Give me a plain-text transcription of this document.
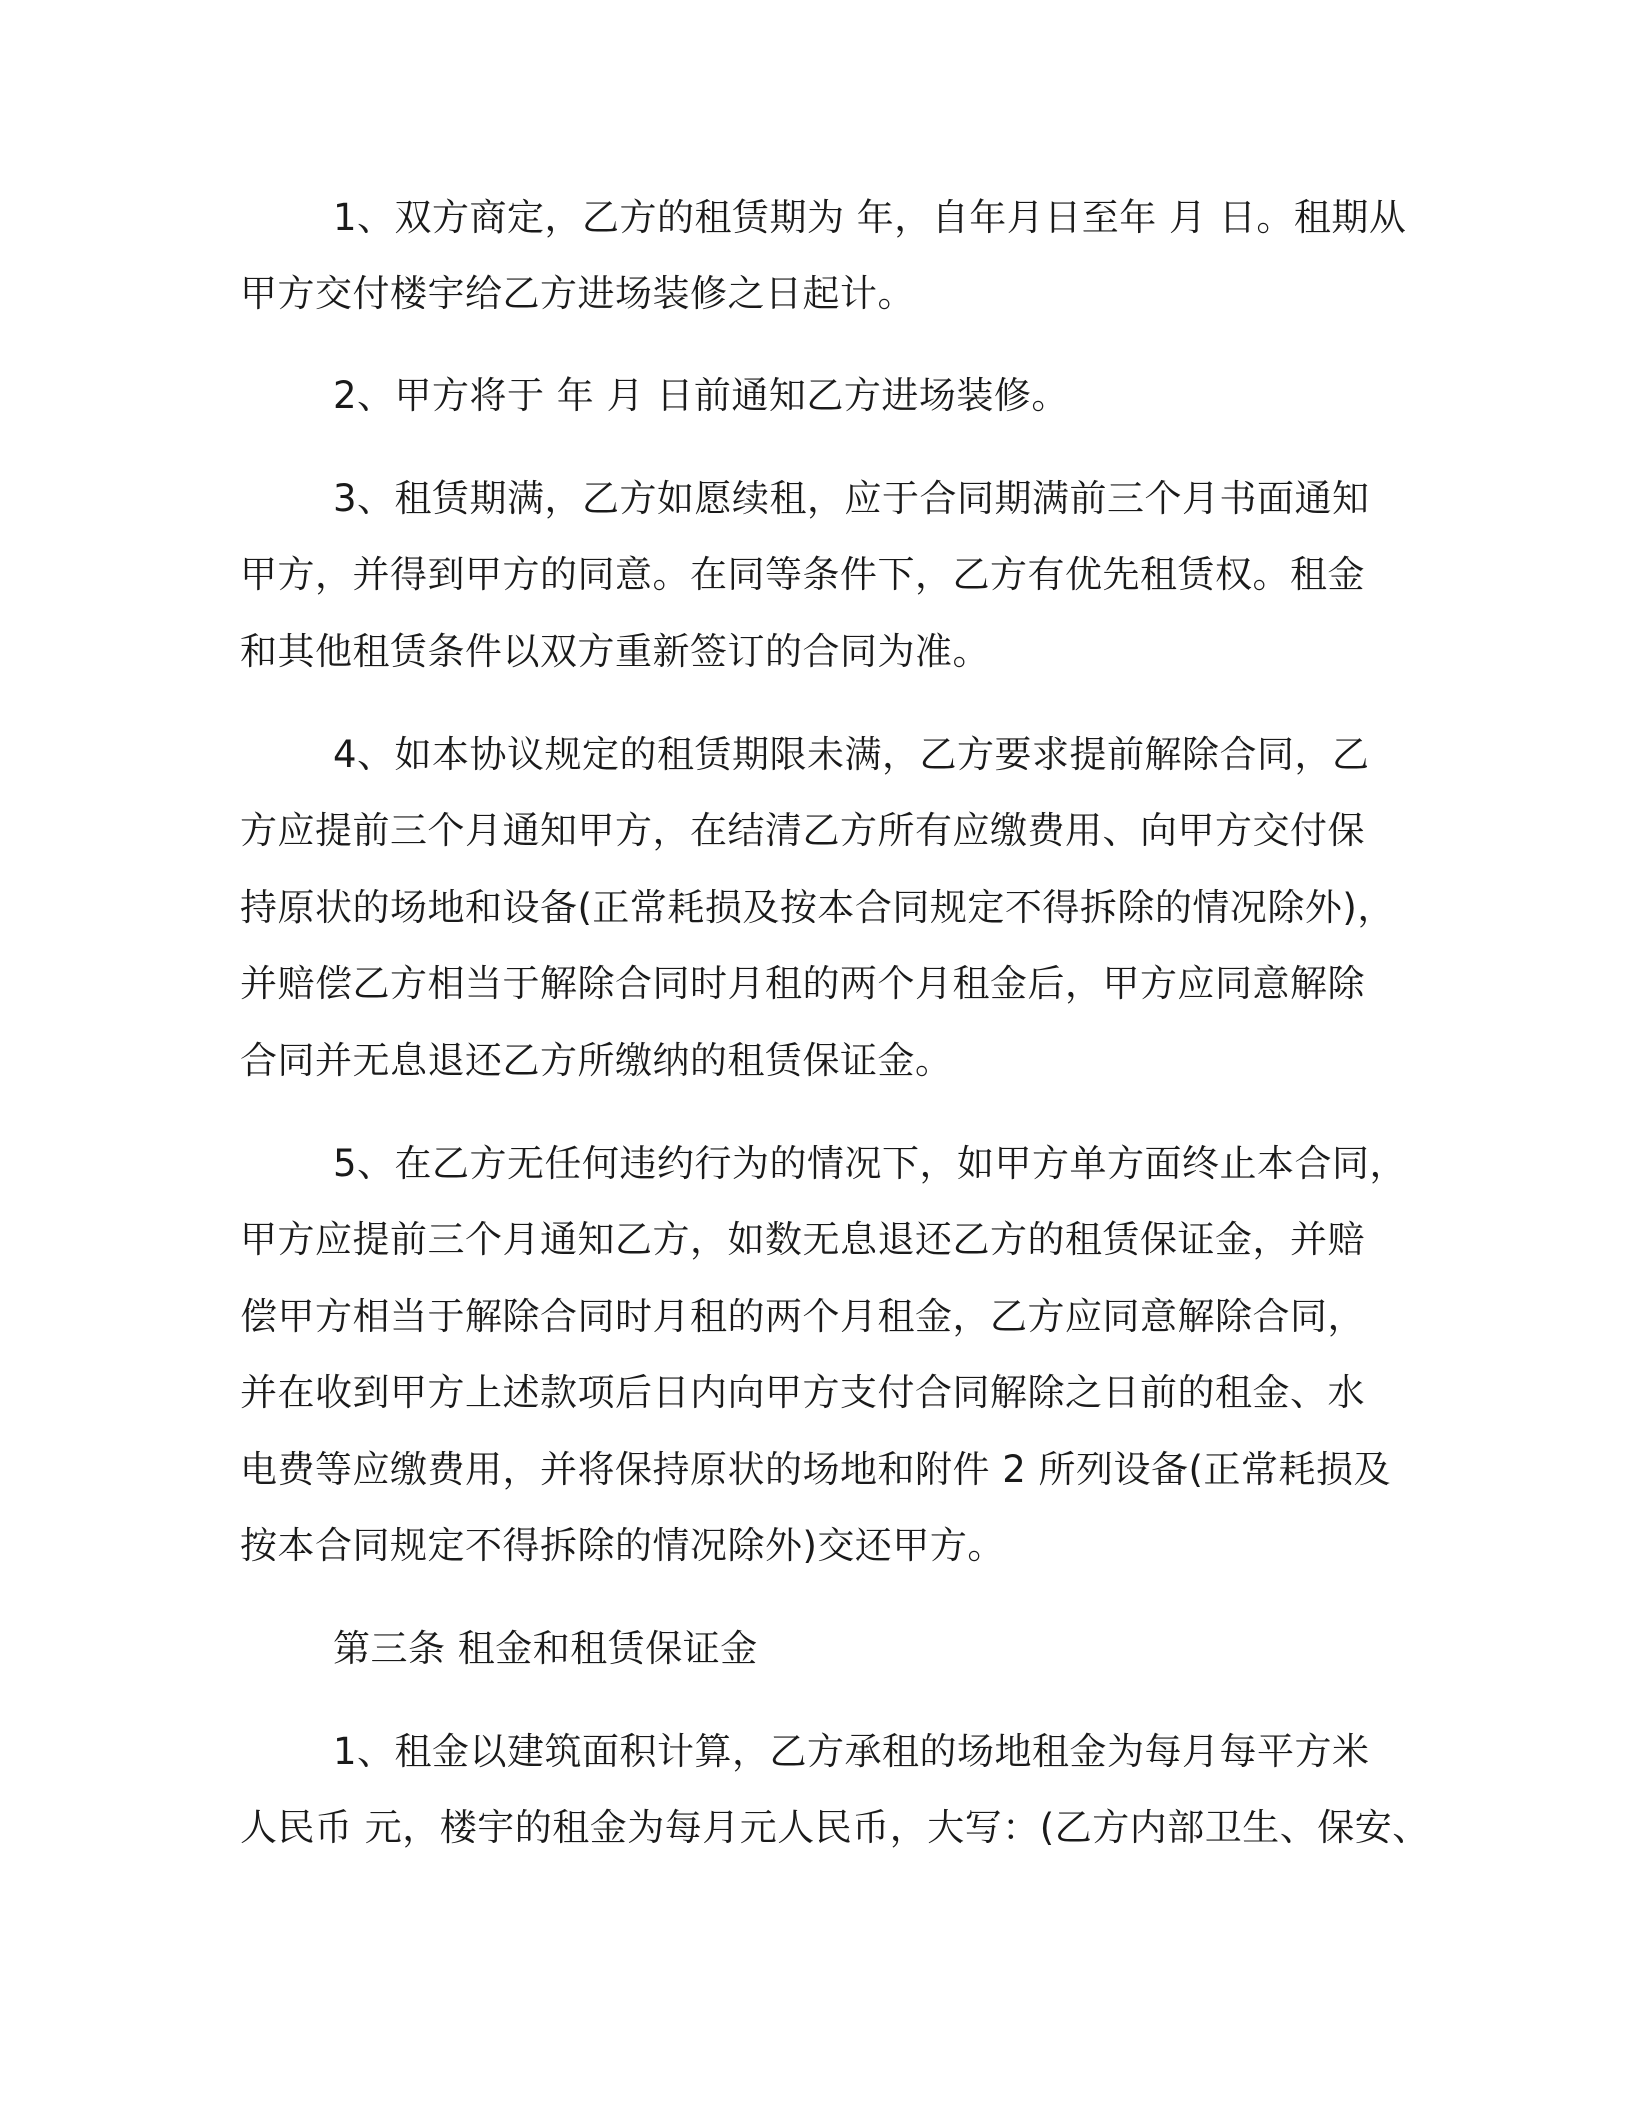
1、双方商定，乙方的租赁期为 年，自年月日至年 月 日。租期从
甲方交付楼宇给乙方进场装修之日起计。
2、甲方将于 年 月 日前通知乙方进场装修。
3、租赁期满，乙方如愿续租，应于合同期满前三个月书面通知
甲方，并得到甲方的同意。在同等条件下，乙方有优先租赁权。租金
和其他租赁条件以双方重新签订的合同为准。
4、如本协议规定的租赁期限未满，乙方要求提前解除合同，乙
方应提前三个月通知甲方，在结清乙方所有应缴费用、向甲方交付保
持原状的场地和设备(正常耗损及按本合同规定不得拆除的情况除外)，
并赔偿乙方相当于解除合同时月租的两个月租金后，甲方应同意解除
合同并无息退还乙方所缴纳的租赁保证金。
5、在乙方无任何违约行为的情况下，如甲方单方面终止本合同，
甲方应提前三个月通知乙方，如数无息退还乙方的租赁保证金，并赔
偿甲方相当于解除合同时月租的两个月租金，乙方应同意解除合同，
并在收到甲方上述款项后日内向甲方支付合同解除之日前的租金、水
电费等应缴费用，并将保持原状的场地和附件 2 所列设备(正常耗损及
按本合同规定不得拆除的情况除外)交还甲方。
第三条 租金和租赁保证金
1、租金以建筑面积计算，乙方承租的场地租金为每月每平方米
人民币 元，楼宇的租金为每月元人民币，大写：(乙方内部卫生、保安、
